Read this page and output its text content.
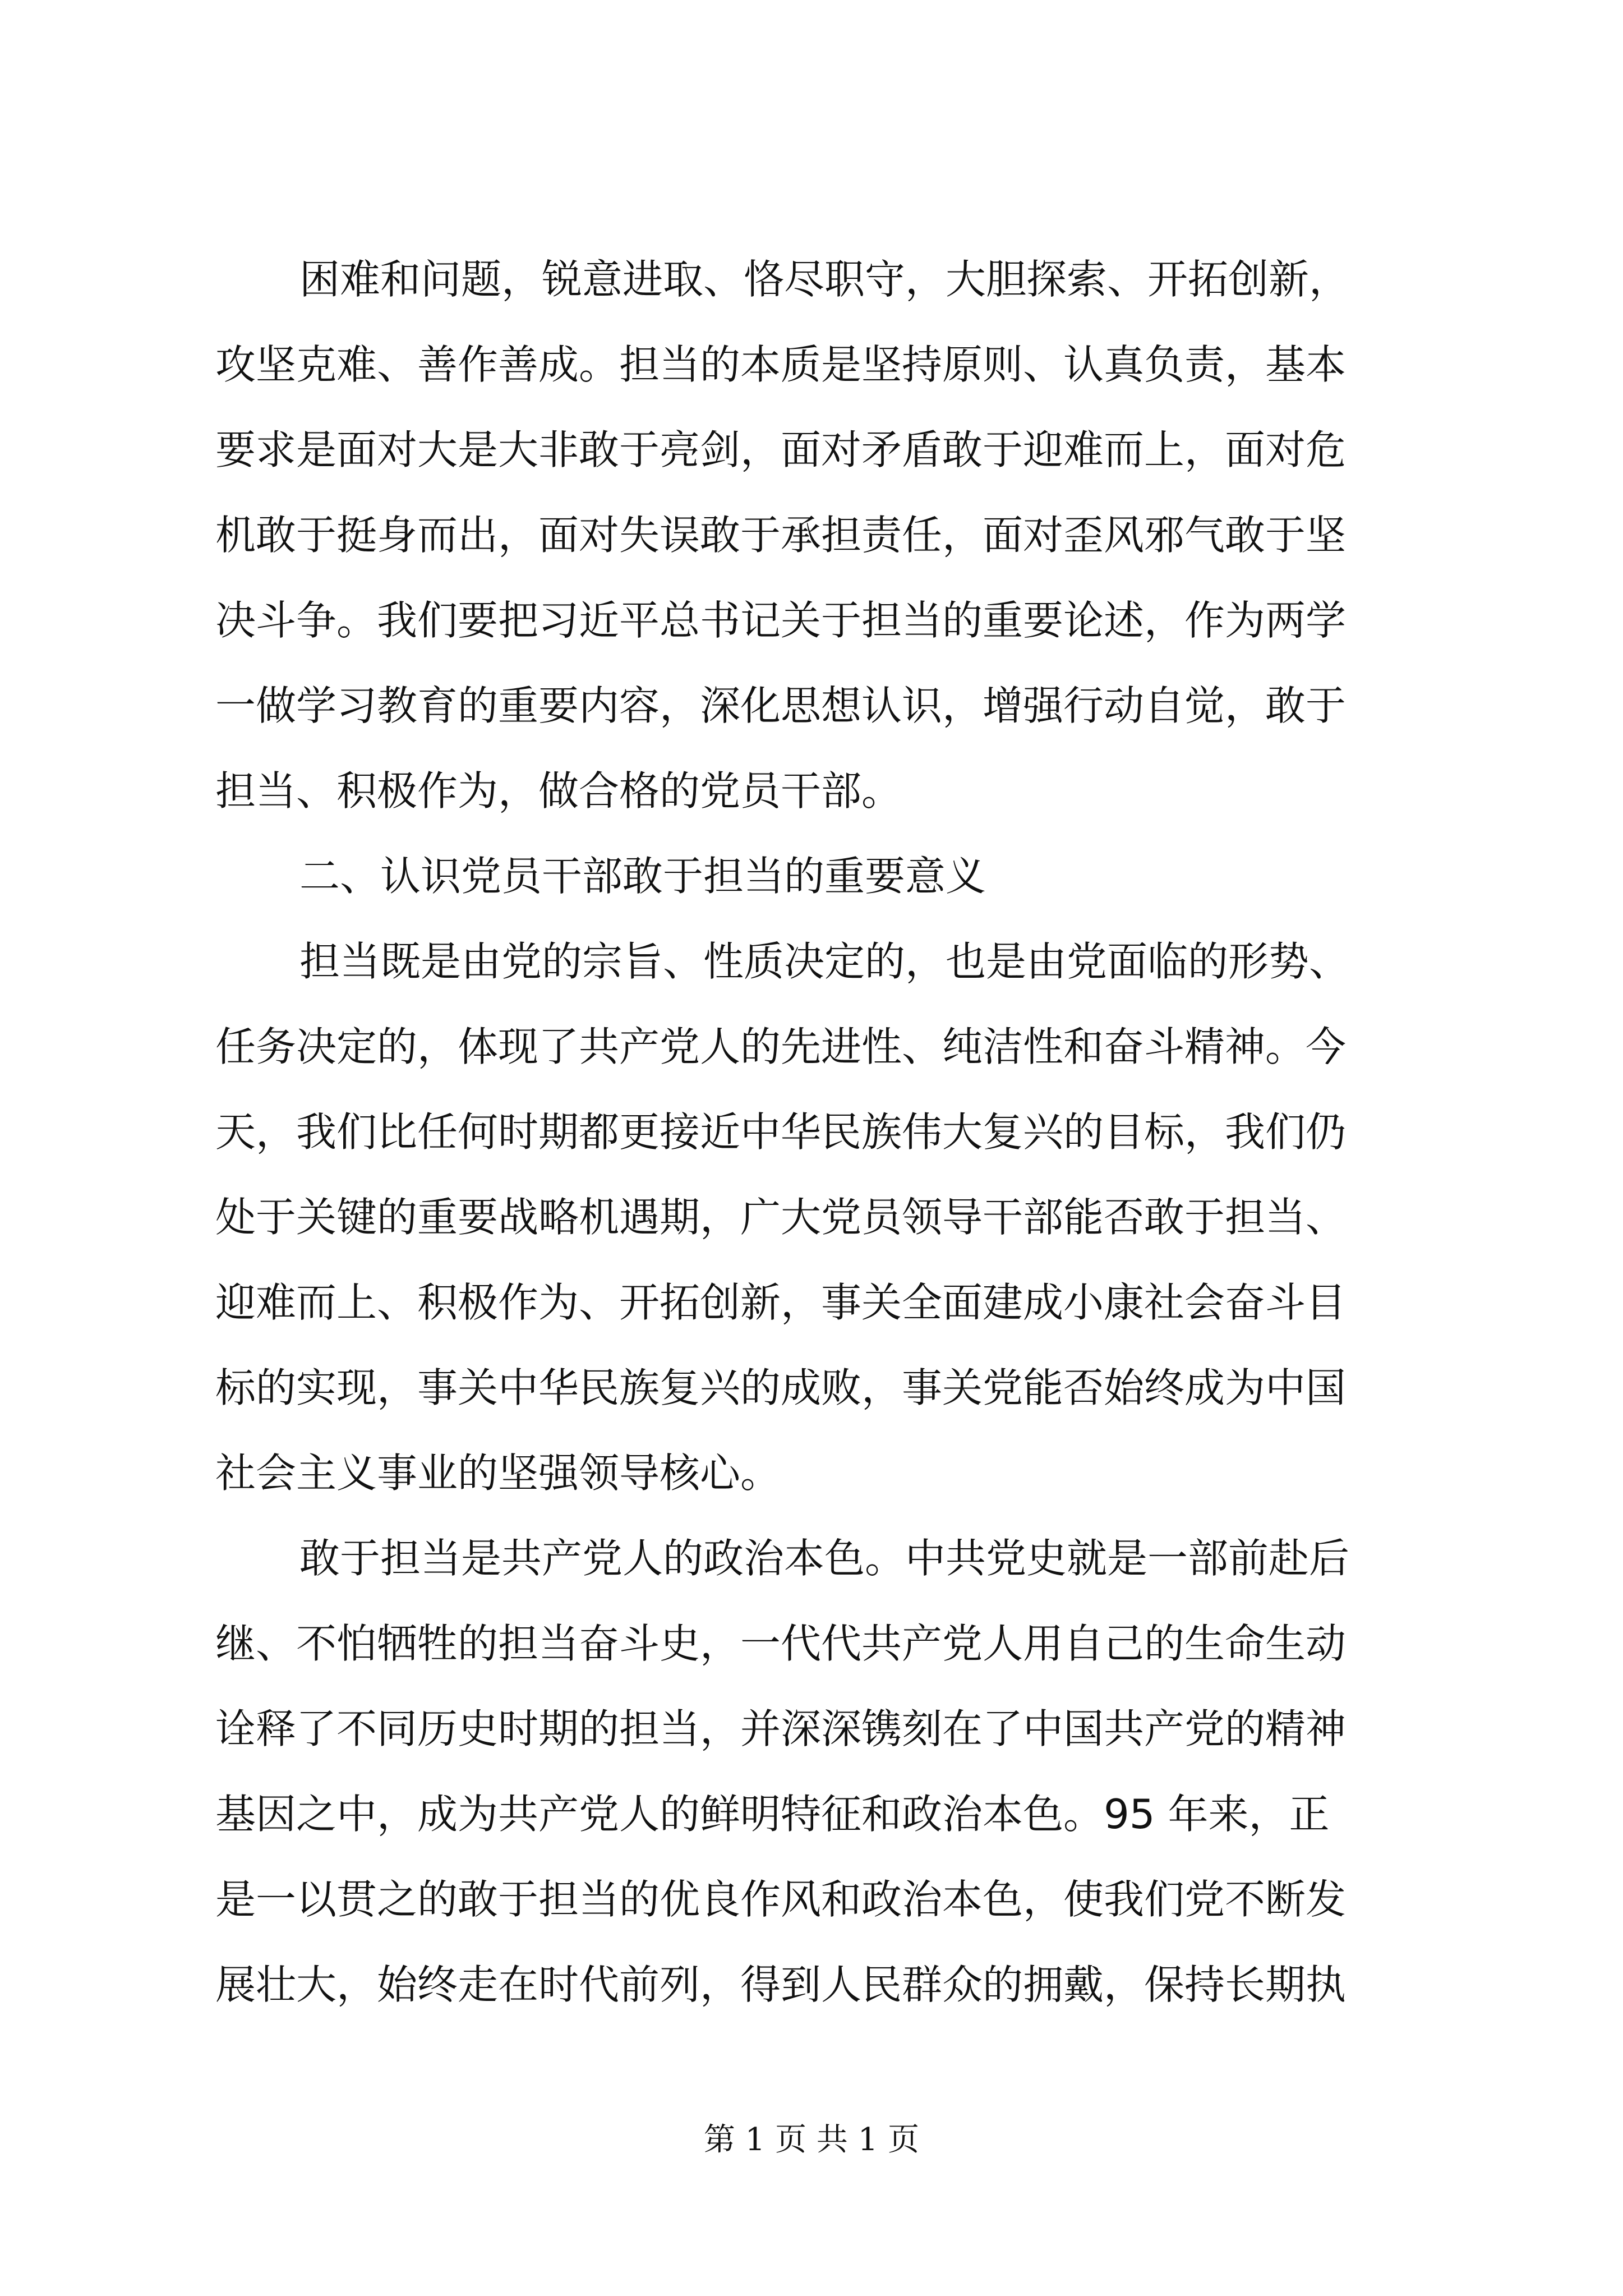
困难和问题，锐意进取、恪尽职守，大胆探索、开拓创新，
攻坚克难、善作善成。担当的本质是坚持原则、认真负责，基本
要求是面对大是大非敢于亮剑，面对矛盾敢于迎难而上，面对危
机敢于挺身而出，面对失误敢于承担责任，面对歪风邪气敢于坚
决斗争。我们要把习近平总书记关于担当的重要论述，作为两学
一做学习教育的重要内容，深化思想认识，增强行动自觉，敢于
担当、积极作为，做合格的党员干部。
二、认识党员干部敢于担当的重要意义
担当既是由党的宗旨、性质决定的，也是由党面临的形势、
任务决定的，体现了共产党人的先进性、纯洁性和奋斗精神。今
天，我们比任何时期都更接近中华民族伟大复兴的目标，我们仍
处于关键的重要战略机遇期，广大党员领导干部能否敢于担当、
迎难而上、积极作为、开拓创新，事关全面建成小康社会奋斗目
标的实现，事关中华民族复兴的成败，事关党能否始终成为中国
社会主义事业的坚强领导核心。
敢于担当是共产党人的政治本色。中共党史就是一部前赴后
继、不怕牺牲的担当奋斗史，一代代共产党人用自己的生命生动
诠释了不同历史时期的担当，并深深镌刻在了中国共产党的精神
基因之中，成为共产党人的鲜明特征和政治本色。95 年来，正
是一以贯之的敢于担当的优良作风和政治本色，使我们党不断发
展壮大，始终走在时代前列，得到人民群众的拥戴，保持长期执
第 1 页 共 1 页
